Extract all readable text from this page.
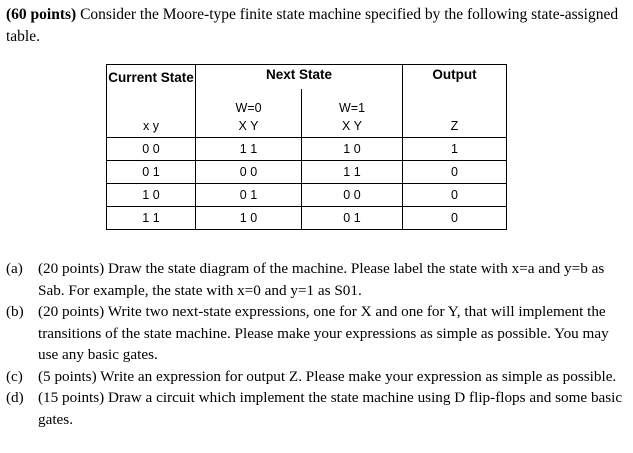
(60 points) Consider the Moore-type finite state machine specified by the following state-assigned table.
Current State	Next State		Output
	W=0	W=1	
x y	X Y	X Y	Z
0 0	1 1	1 0	1
0 1	0 0	1 1	0
1 0	0 1	0 0	0
1 1	1 0	0 1	0
(a) (20 points) Draw the state diagram of the machine. Please label the state with x=a and y=b as Sab. For example, the state with x=0 and y=1 as S01.
(b) (20 points) Write two next-state expressions, one for X and one for Y, that will implement the transitions of the state machine. Please make your expressions as simple as possible. You may use any basic gates.
(c) (5 points) Write an expression for output Z. Please make your expression as simple as possible.
(d) (15 points) Draw a circuit which implement the state machine using D flip-flops and some basic gates.
